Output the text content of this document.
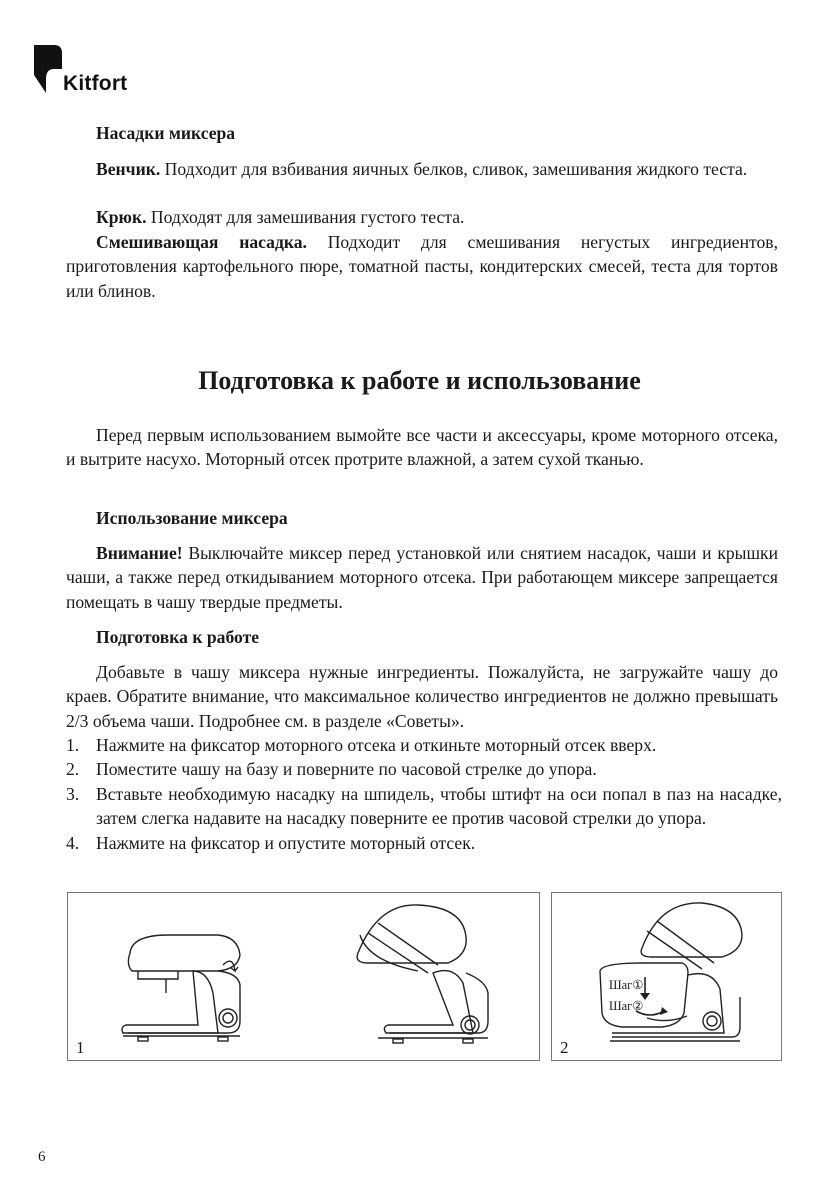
Kitfort
Насадки миксера
Венчик. Подходит для взбивания яичных белков, сливок, замешивания жидкого теста.
Крюк. Подходят для замешивания густого теста.
Смешивающая насадка. Подходит для смешивания негустых ингредиентов, приготовления картофельного пюре, томатной пасты, кондитерских смесей, теста для тортов или блинов.
Подготовка к работе и использование
Перед первым использованием вымойте все части и аксессуары, кроме моторного отсека, и вытрите насухо. Моторный отсек протрите влажной, а затем сухой тканью.
Использование миксера
Внимание! Выключайте миксер перед установкой или снятием насадок, чаши и крышки чаши, а также перед откидыванием моторного отсека. При работающем миксере запрещается помещать в чашу твердые предметы.
Подготовка к работе
Добавьте в чашу миксера нужные ингредиенты. Пожалуйста, не загружайте чашу до краев. Обратите внимание, что максимальное количество ингредиентов не должно превышать 2/3 объема чаши. Подробнее см. в разделе «Советы».
1. Нажмите на фиксатор моторного отсека и откиньте моторный отсек вверх.
2. Поместите чашу на базу и поверните по часовой стрелке до упора.
3. Вставьте необходимую насадку на шпидель, чтобы штифт на оси попал в паз на насадке, затем слегка надавите на насадку поверните ее против часовой стрелки до упора.
4. Нажмите на фиксатор и опустите моторный отсек.
1
Шаг①
Шаг②
2
6
